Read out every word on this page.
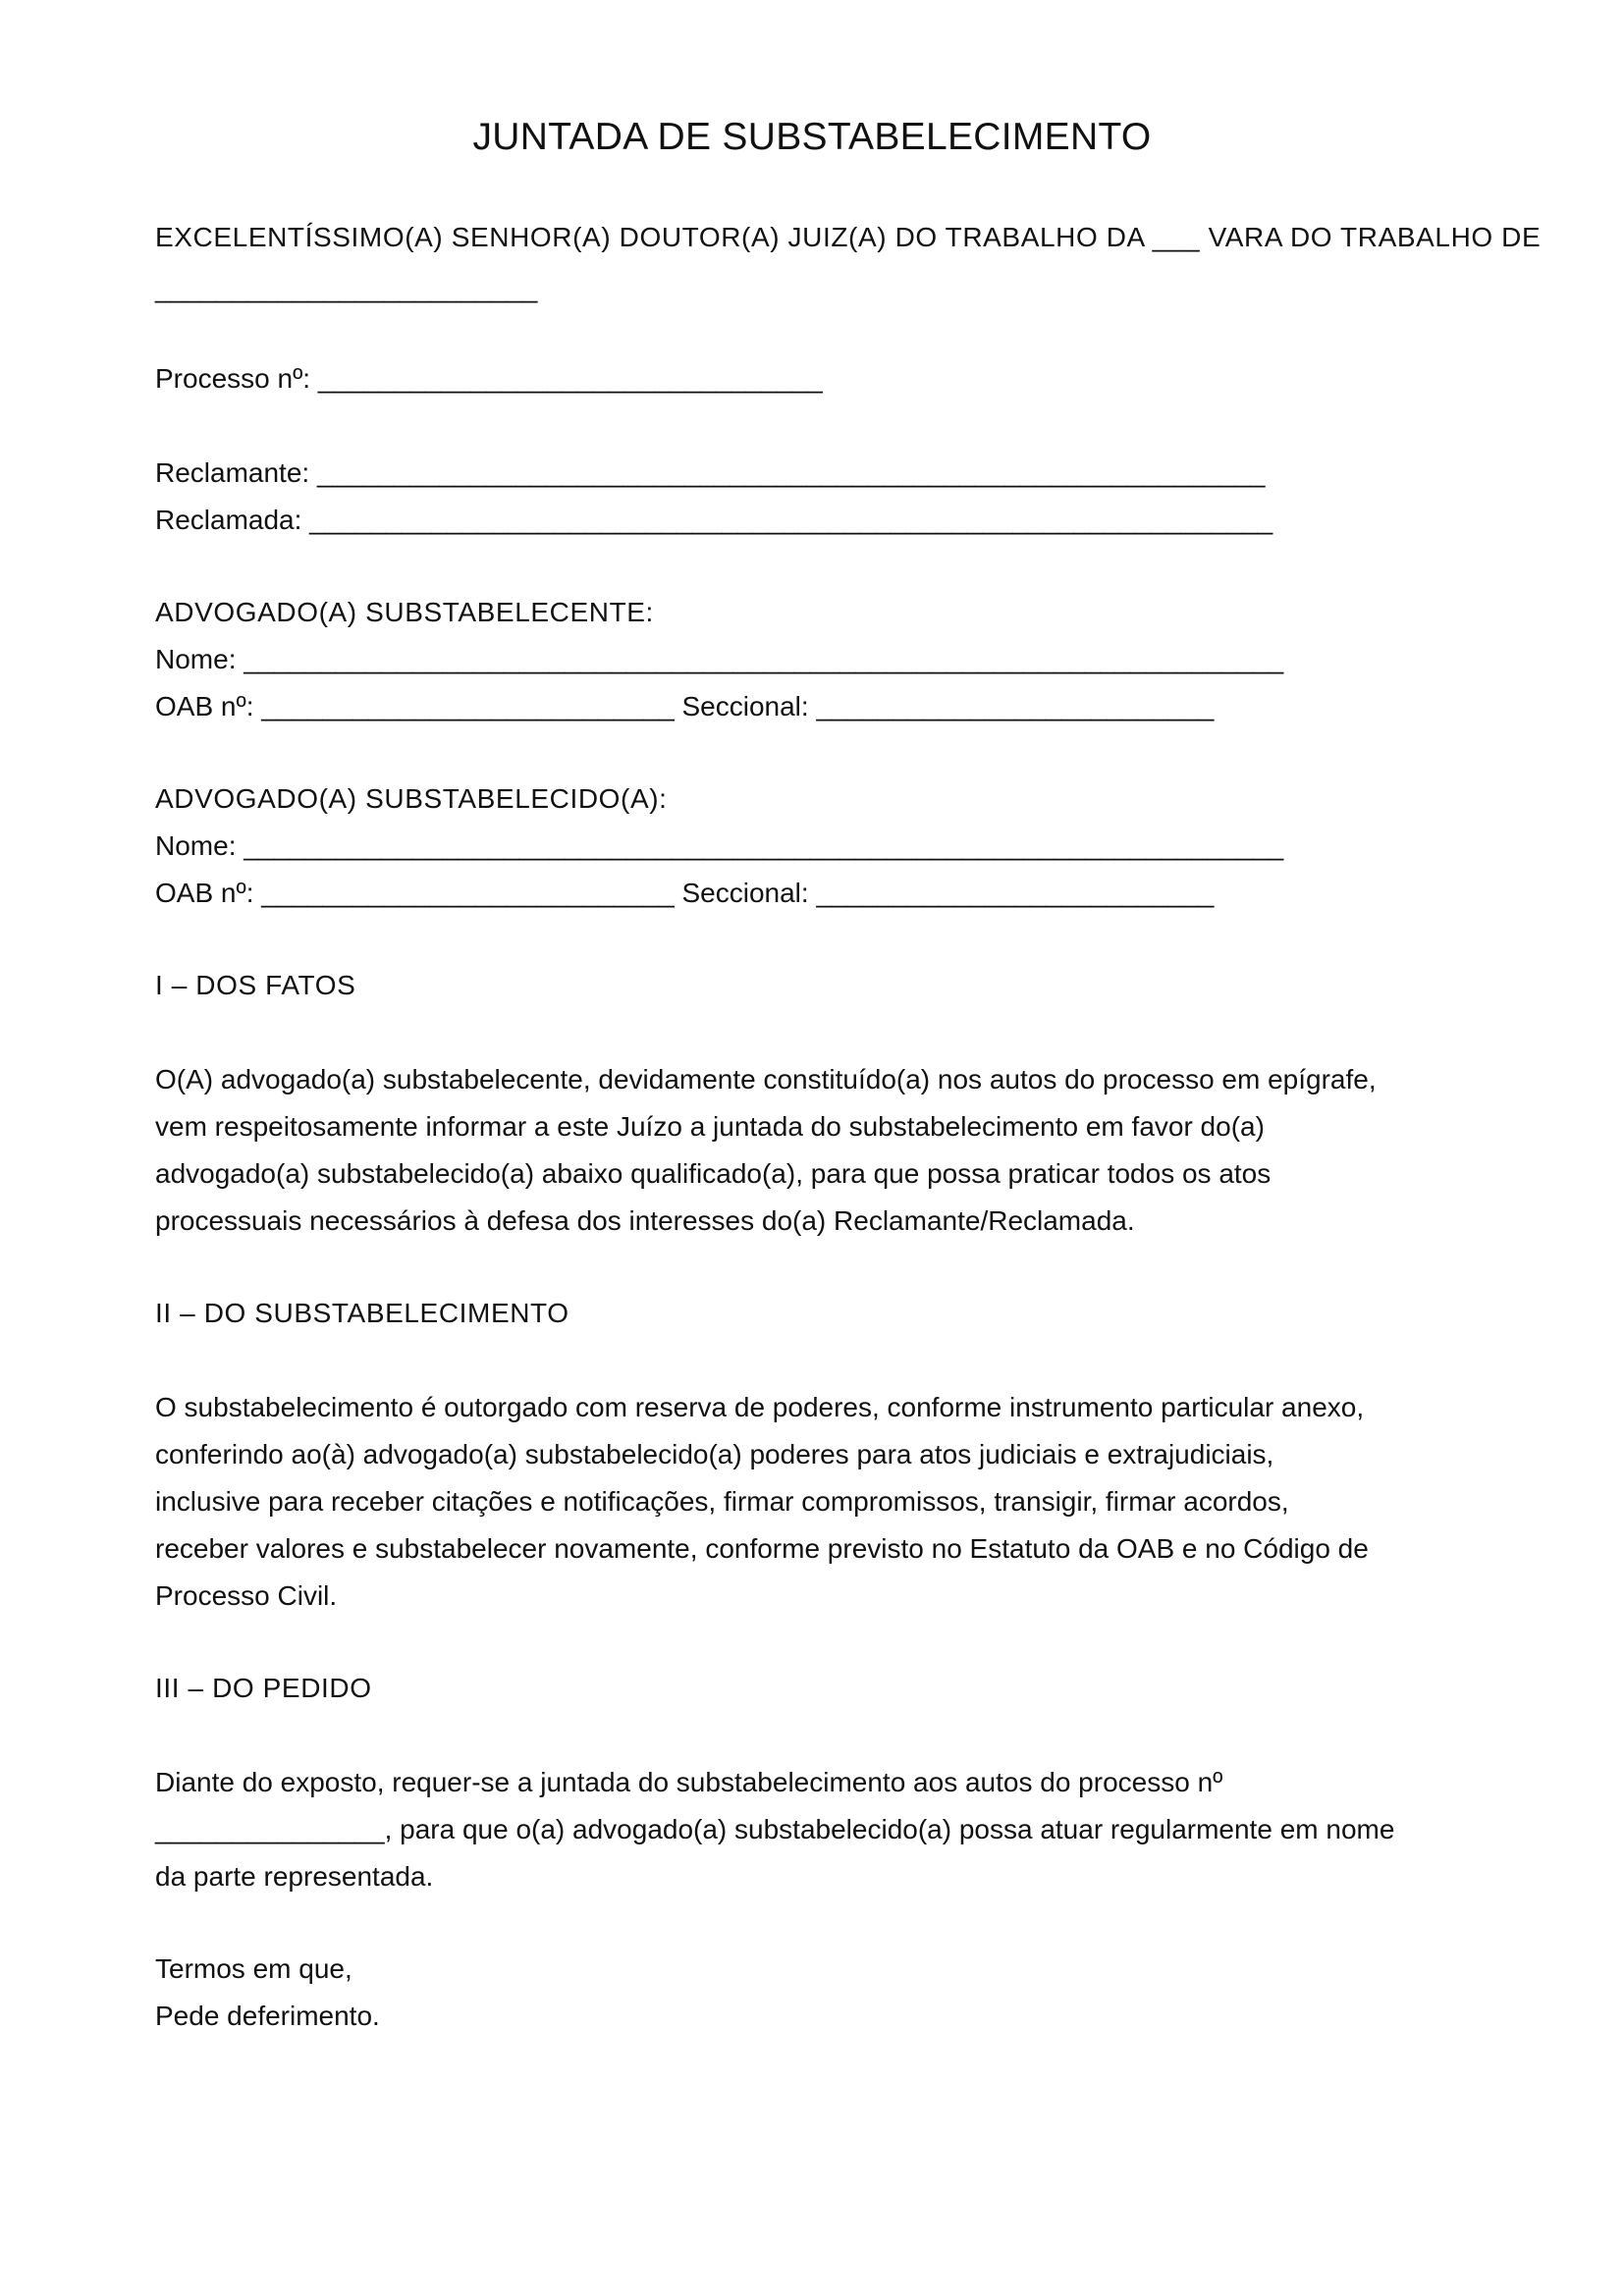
JUNTADA DE SUBSTABELECIMENTO
EXCELENTÍSSIMO(A) SENHOR(A) DOUTOR(A) JUIZ(A) DO TRABALHO DA ___ VARA DO TRABALHO DE
_________________________
Processo nº: _________________________________
Reclamante: ______________________________________________________________
Reclamada: _______________________________________________________________
ADVOGADO(A) SUBSTABELECENTE:
Nome: ____________________________________________________________________
OAB nº: ___________________________ Seccional: __________________________
ADVOGADO(A) SUBSTABELECIDO(A):
Nome: ____________________________________________________________________
OAB nº: ___________________________ Seccional: __________________________
I – DOS FATOS
O(A) advogado(a) substabelecente, devidamente constituído(a) nos autos do processo em epígrafe,
vem respeitosamente informar a este Juízo a juntada do substabelecimento em favor do(a)
advogado(a) substabelecido(a) abaixo qualificado(a), para que possa praticar todos os atos
processuais necessários à defesa dos interesses do(a) Reclamante/Reclamada.
II – DO SUBSTABELECIMENTO
O substabelecimento é outorgado com reserva de poderes, conforme instrumento particular anexo,
conferindo ao(à) advogado(a) substabelecido(a) poderes para atos judiciais e extrajudiciais,
inclusive para receber citações e notificações, firmar compromissos, transigir, firmar acordos,
receber valores e substabelecer novamente, conforme previsto no Estatuto da OAB e no Código de
Processo Civil.
III – DO PEDIDO
Diante do exposto, requer-se a juntada do substabelecimento aos autos do processo nº
_______________, para que o(a) advogado(a) substabelecido(a) possa atuar regularmente em nome
da parte representada.
Termos em que,
Pede deferimento.
